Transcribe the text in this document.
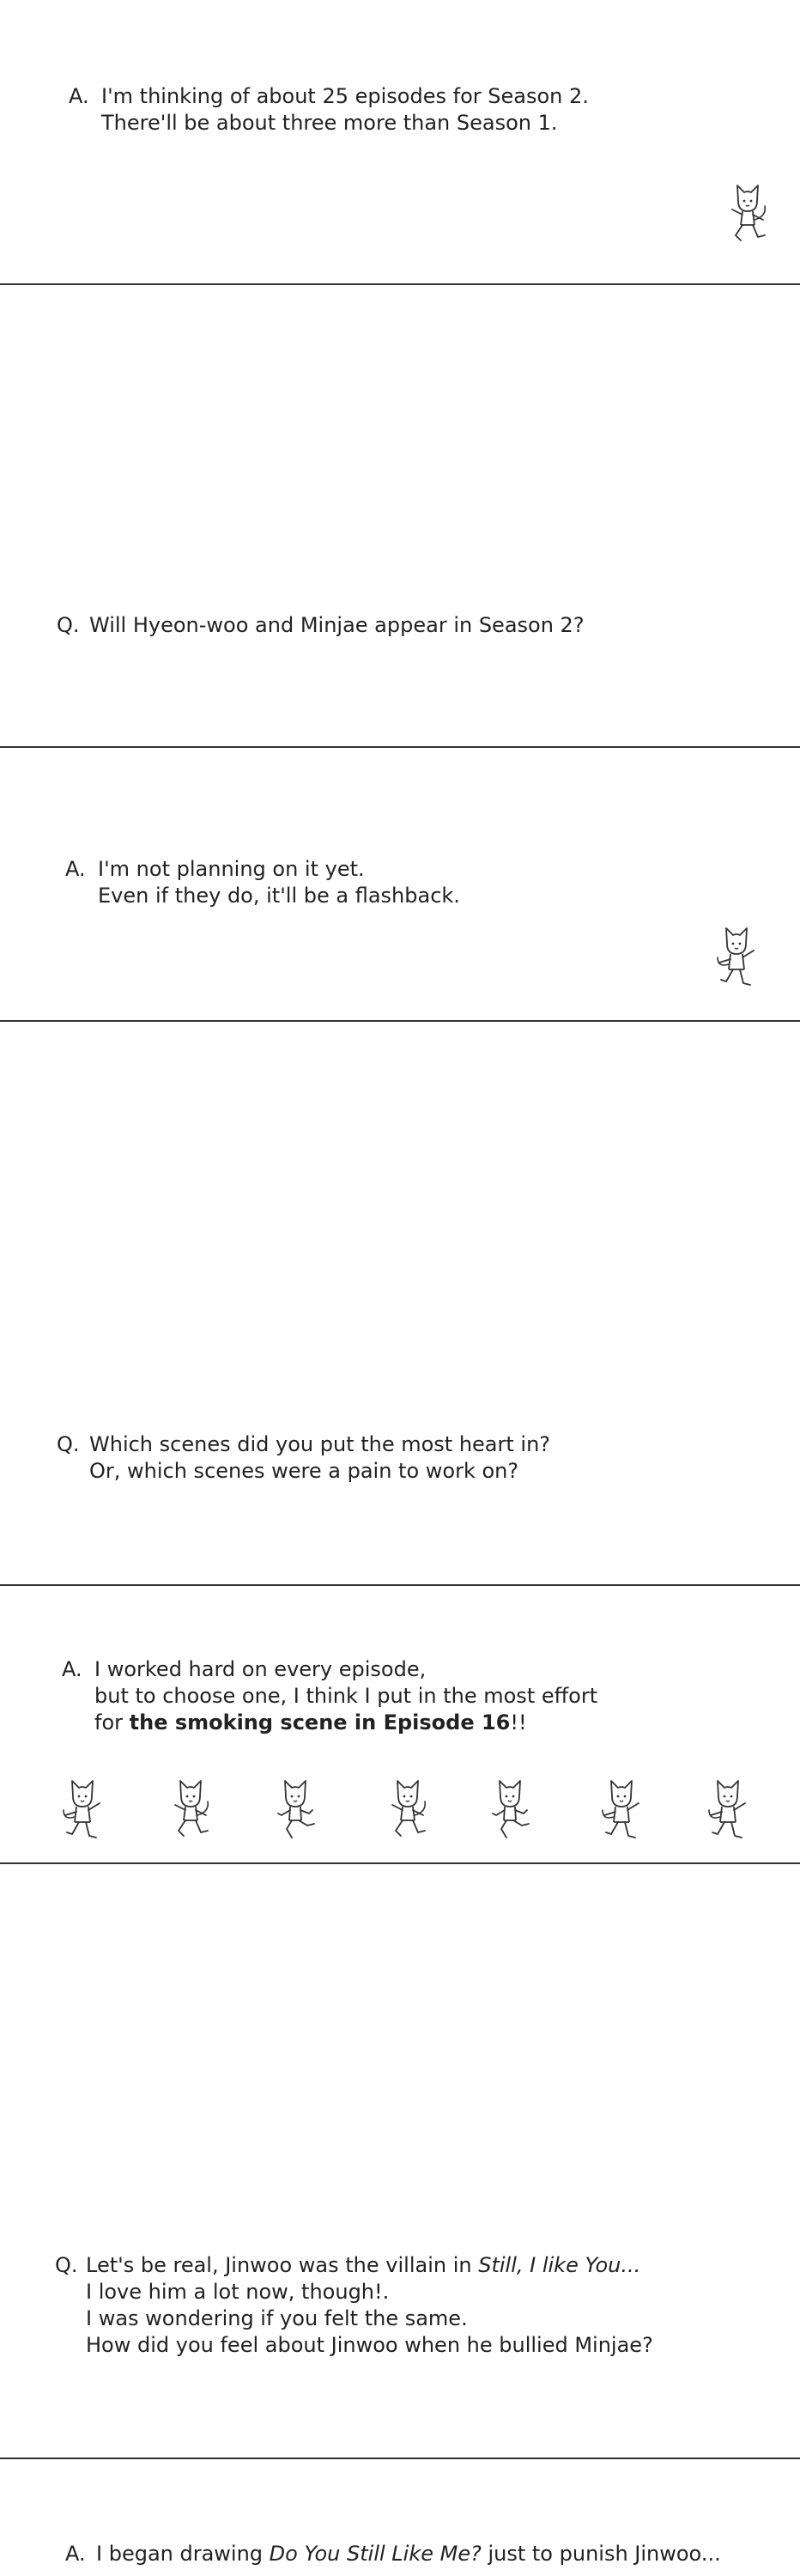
A. I'm thinking of about 25 episodes for Season 2.
There'll be about three more than Season 1.
Q. Will Hyeon-woo and Minjae appear in Season 2?
A. I'm not planning on it yet.
Even if they do, it'll be a flashback.
Q. Which scenes did you put the most heart in?
Or, which scenes were a pain to work on?
A. I worked hard on every episode,
but to choose one, I think I put in the most effort
for the smoking scene in Episode 16!!
Q. Let's be real, Jinwoo was the villain in Still, I like You...
I love him a lot now, though!.
I was wondering if you felt the same.
How did you feel about Jinwoo when he bullied Minjae?
A. I began drawing Do You Still Like Me? just to punish Jinwoo...
